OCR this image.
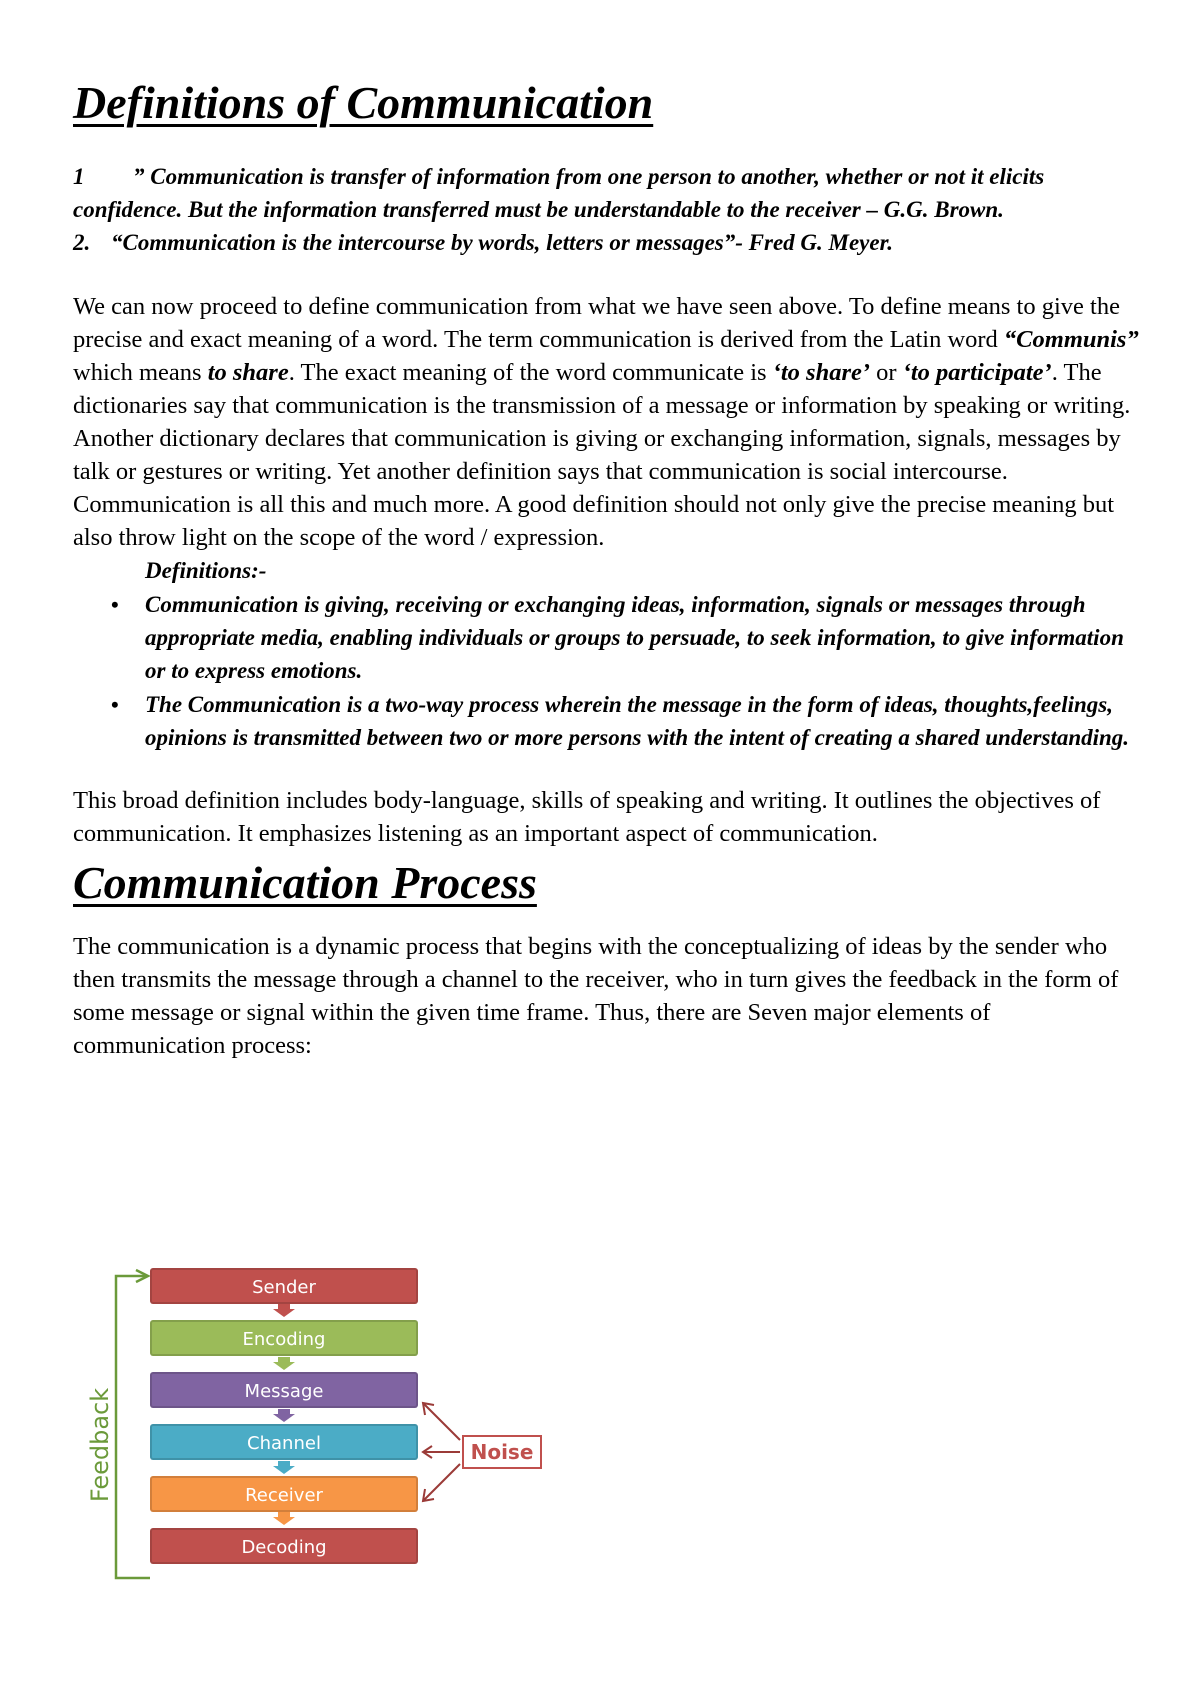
Definitions of Communication
1 ” Communication is transfer of information from one person to another, whether or not it elicits confidence. But the information transferred must be understandable to the receiver – G.G. Brown.
2. “Communication is the intercourse by words, letters or messages”- Fred G. Meyer.

We can now proceed to define communication from what we have seen above. To define means to give the precise and exact meaning of a word. The term communication is derived from the Latin word “Communis” which means to share. The exact meaning of the word communicate is ‘to share’ or ‘to participate’. The dictionaries say that communication is the transmission of a message or information by speaking or writing. Another dictionary declares that communication is giving or exchanging information, signals, messages by talk or gestures or writing. Yet another definition says that communication is social intercourse. Communication is all this and much more. A good definition should not only give the precise meaning but also throw light on the scope of the word / expression.

Definitions:-
• Communication is giving, receiving or exchanging ideas, information, signals or messages through appropriate media, enabling individuals or groups to persuade, to seek information, to give information or to express emotions.
• The Communication is a two-way process wherein the message in the form of ideas, thoughts,feelings, opinions is transmitted between two or more persons with the intent of creating a shared understanding.

This broad definition includes body-language, skills of speaking and writing. It outlines the objectives of communication. It emphasizes listening as an important aspect of communication.

Communication Process

The communication is a dynamic process that begins with the conceptualizing of ideas by the sender who then transmits the message through a channel to the receiver, who in turn gives the feedback in the form of some message or signal within the given time frame. Thus, there are Seven major elements of communication process:

Feedback
Sender
Encoding
Message
Channel
Receiver
Decoding
Noise
